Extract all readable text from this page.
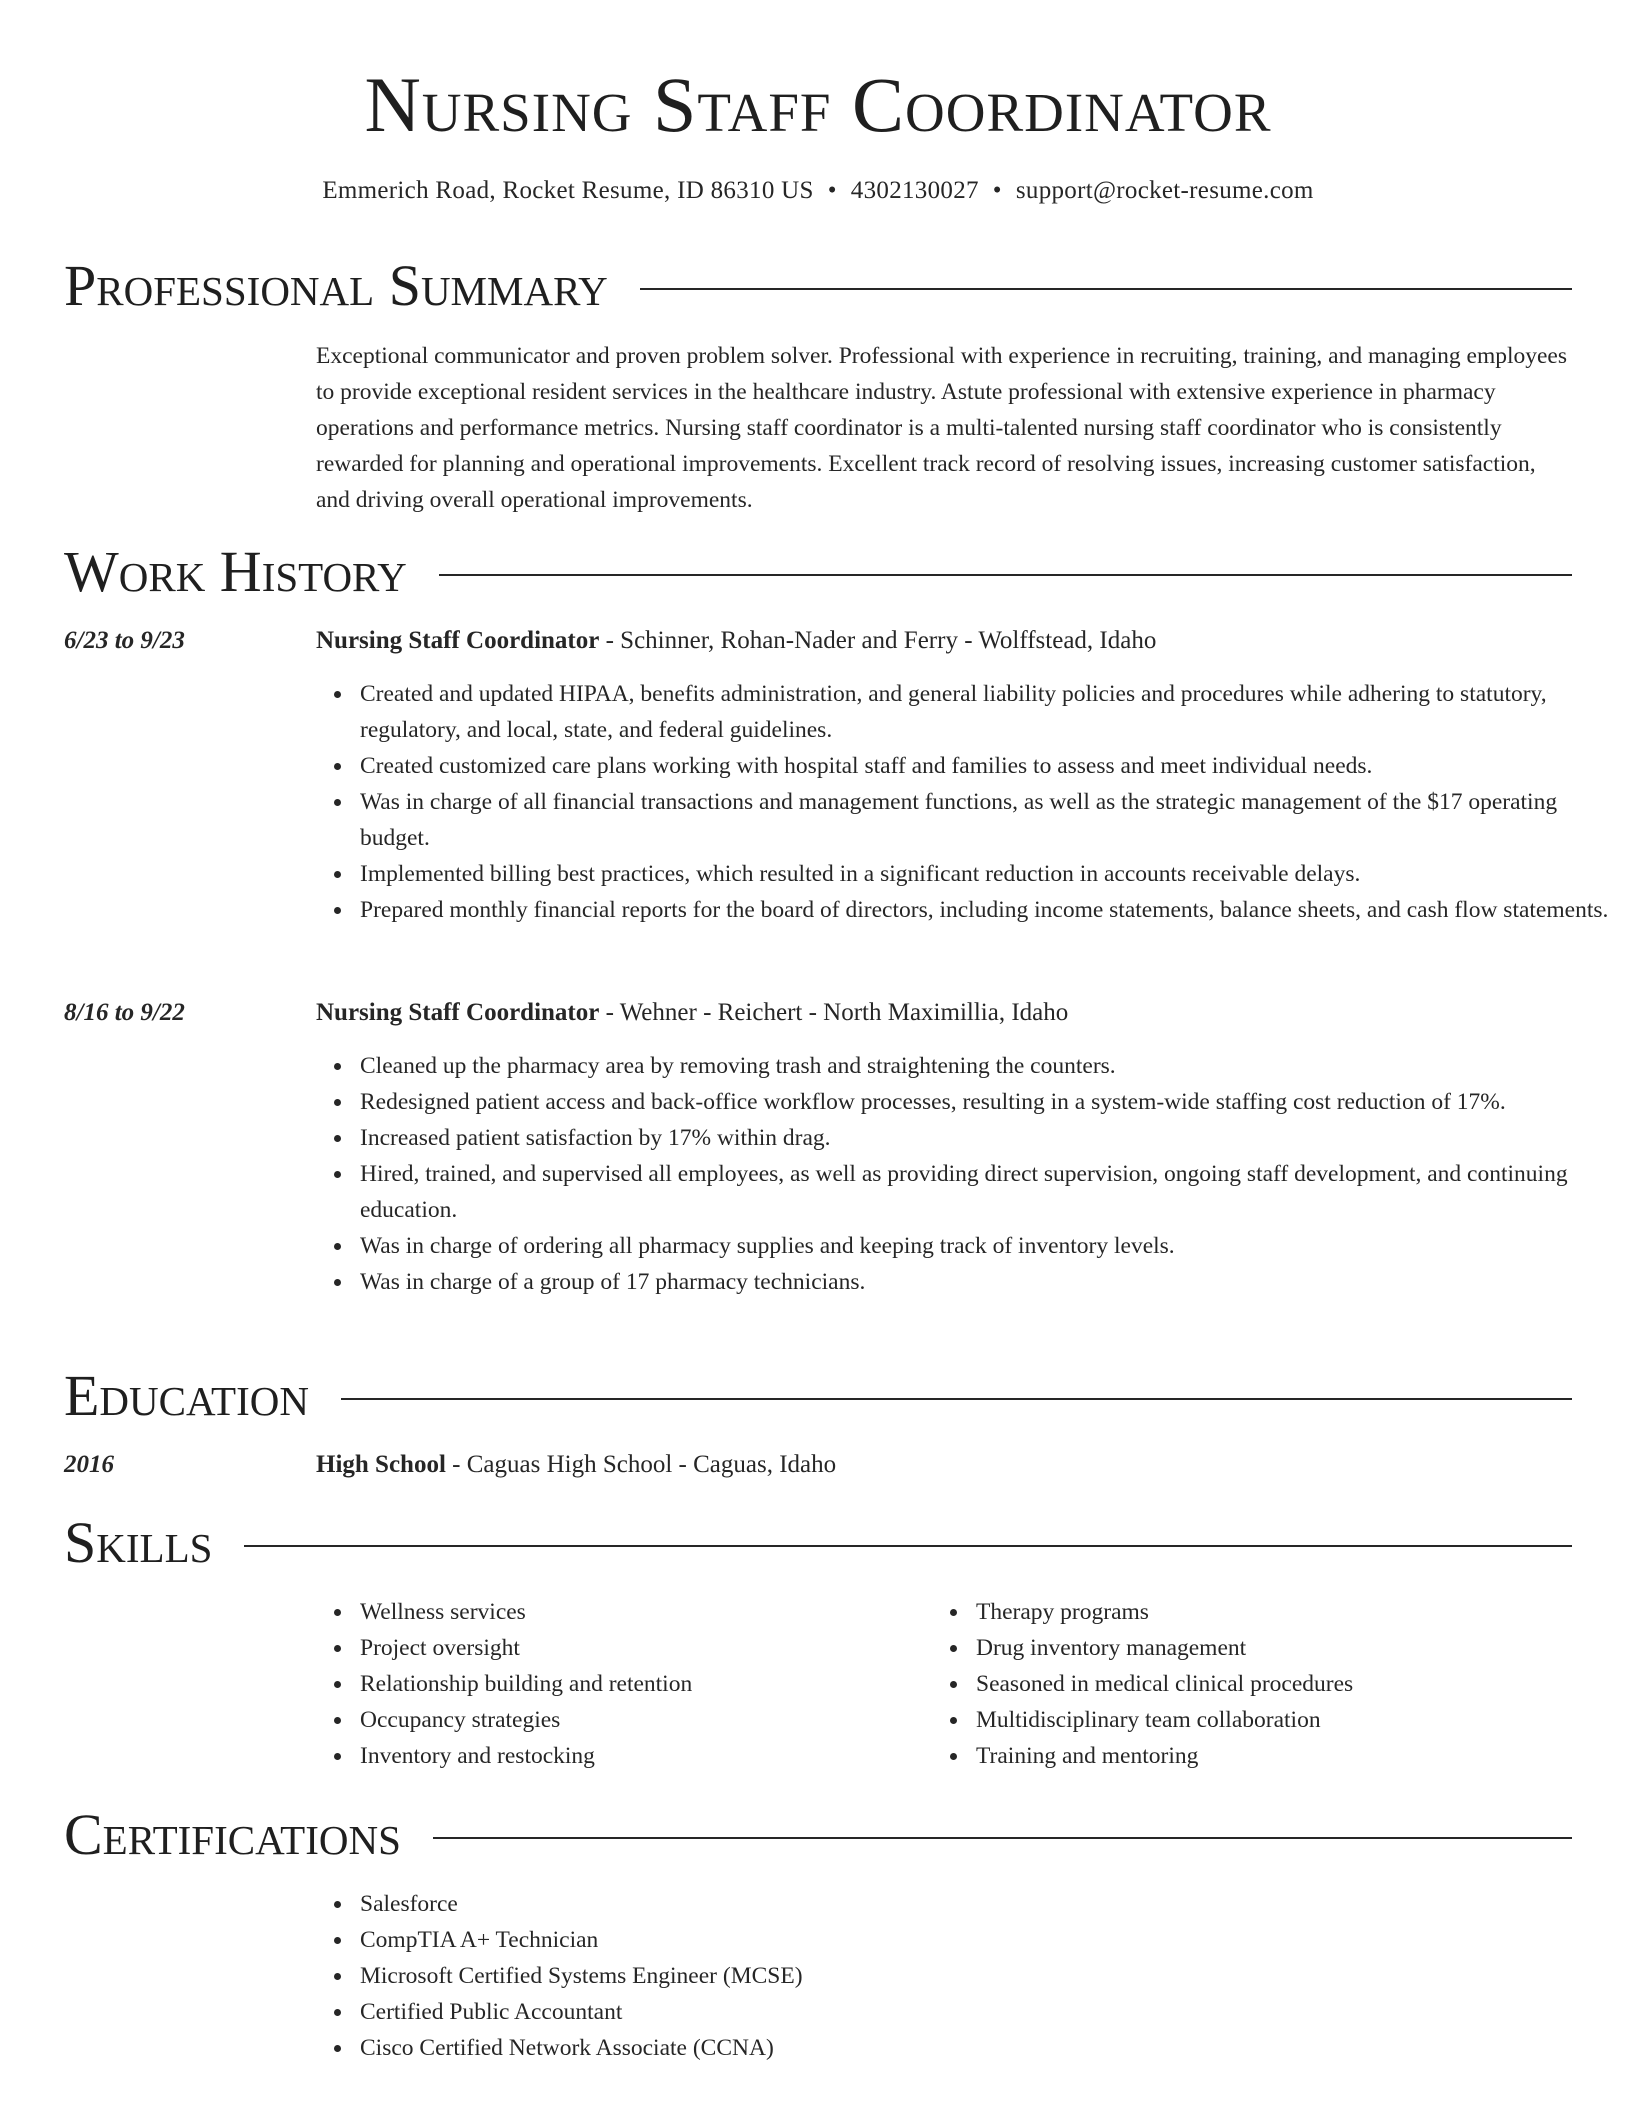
Nursing Staff Coordinator
Emmerich Road, Rocket Resume, ID 86310 US • 4302130027 • support@rocket-resume.com
Professional Summary

Exceptional communicator and proven problem solver. Professional with experience in recruiting, training, and managing employees to provide exceptional resident services in the healthcare industry. Astute professional with extensive experience in pharmacy operations and performance metrics. Nursing staff coordinator is a multi-talented nursing staff coordinator who is consistently rewarded for planning and operational improvements. Excellent track record of resolving issues, increasing customer satisfaction, and driving overall operational improvements.

Work History
6/23 to 9/23	Nursing Staff Coordinator - Schinner, Rohan-Nader and Ferry - Wolffstead, Idaho
Created and updated HIPAA, benefits administration, and general liability policies and procedures while adhering to statutory, regulatory, and local, state, and federal guidelines.
Created customized care plans working with hospital staff and families to assess and meet individual needs.
Was in charge of all financial transactions and management functions, as well as the strategic management of the $17 operating budget.
Implemented billing best practices, which resulted in a significant reduction in accounts receivable delays.
Prepared monthly financial reports for the board of directors, including income statements, balance sheets, and cash flow statements.
8/16 to 9/22	Nursing Staff Coordinator - Wehner - Reichert - North Maximillia, Idaho
Cleaned up the pharmacy area by removing trash and straightening the counters.
Redesigned patient access and back-office workflow processes, resulting in a system-wide staffing cost reduction of 17%.
Increased patient satisfaction by 17% within drag.
Hired, trained, and supervised all employees, as well as providing direct supervision, ongoing staff development, and continuing education.
Was in charge of ordering all pharmacy supplies and keeping track of inventory levels.
Was in charge of a group of 17 pharmacy technicians.
Education
2016	High School - Caguas High School - Caguas, Idaho
Skills
Wellness services
Project oversight
Relationship building and retention
Occupancy strategies
Inventory and restocking
Therapy programs
Drug inventory management
Seasoned in medical clinical procedures
Multidisciplinary team collaboration
Training and mentoring
Certifications
Salesforce
CompTIA A+ Technician
Microsoft Certified Systems Engineer (MCSE)
Certified Public Accountant
Cisco Certified Network Associate (CCNA)
